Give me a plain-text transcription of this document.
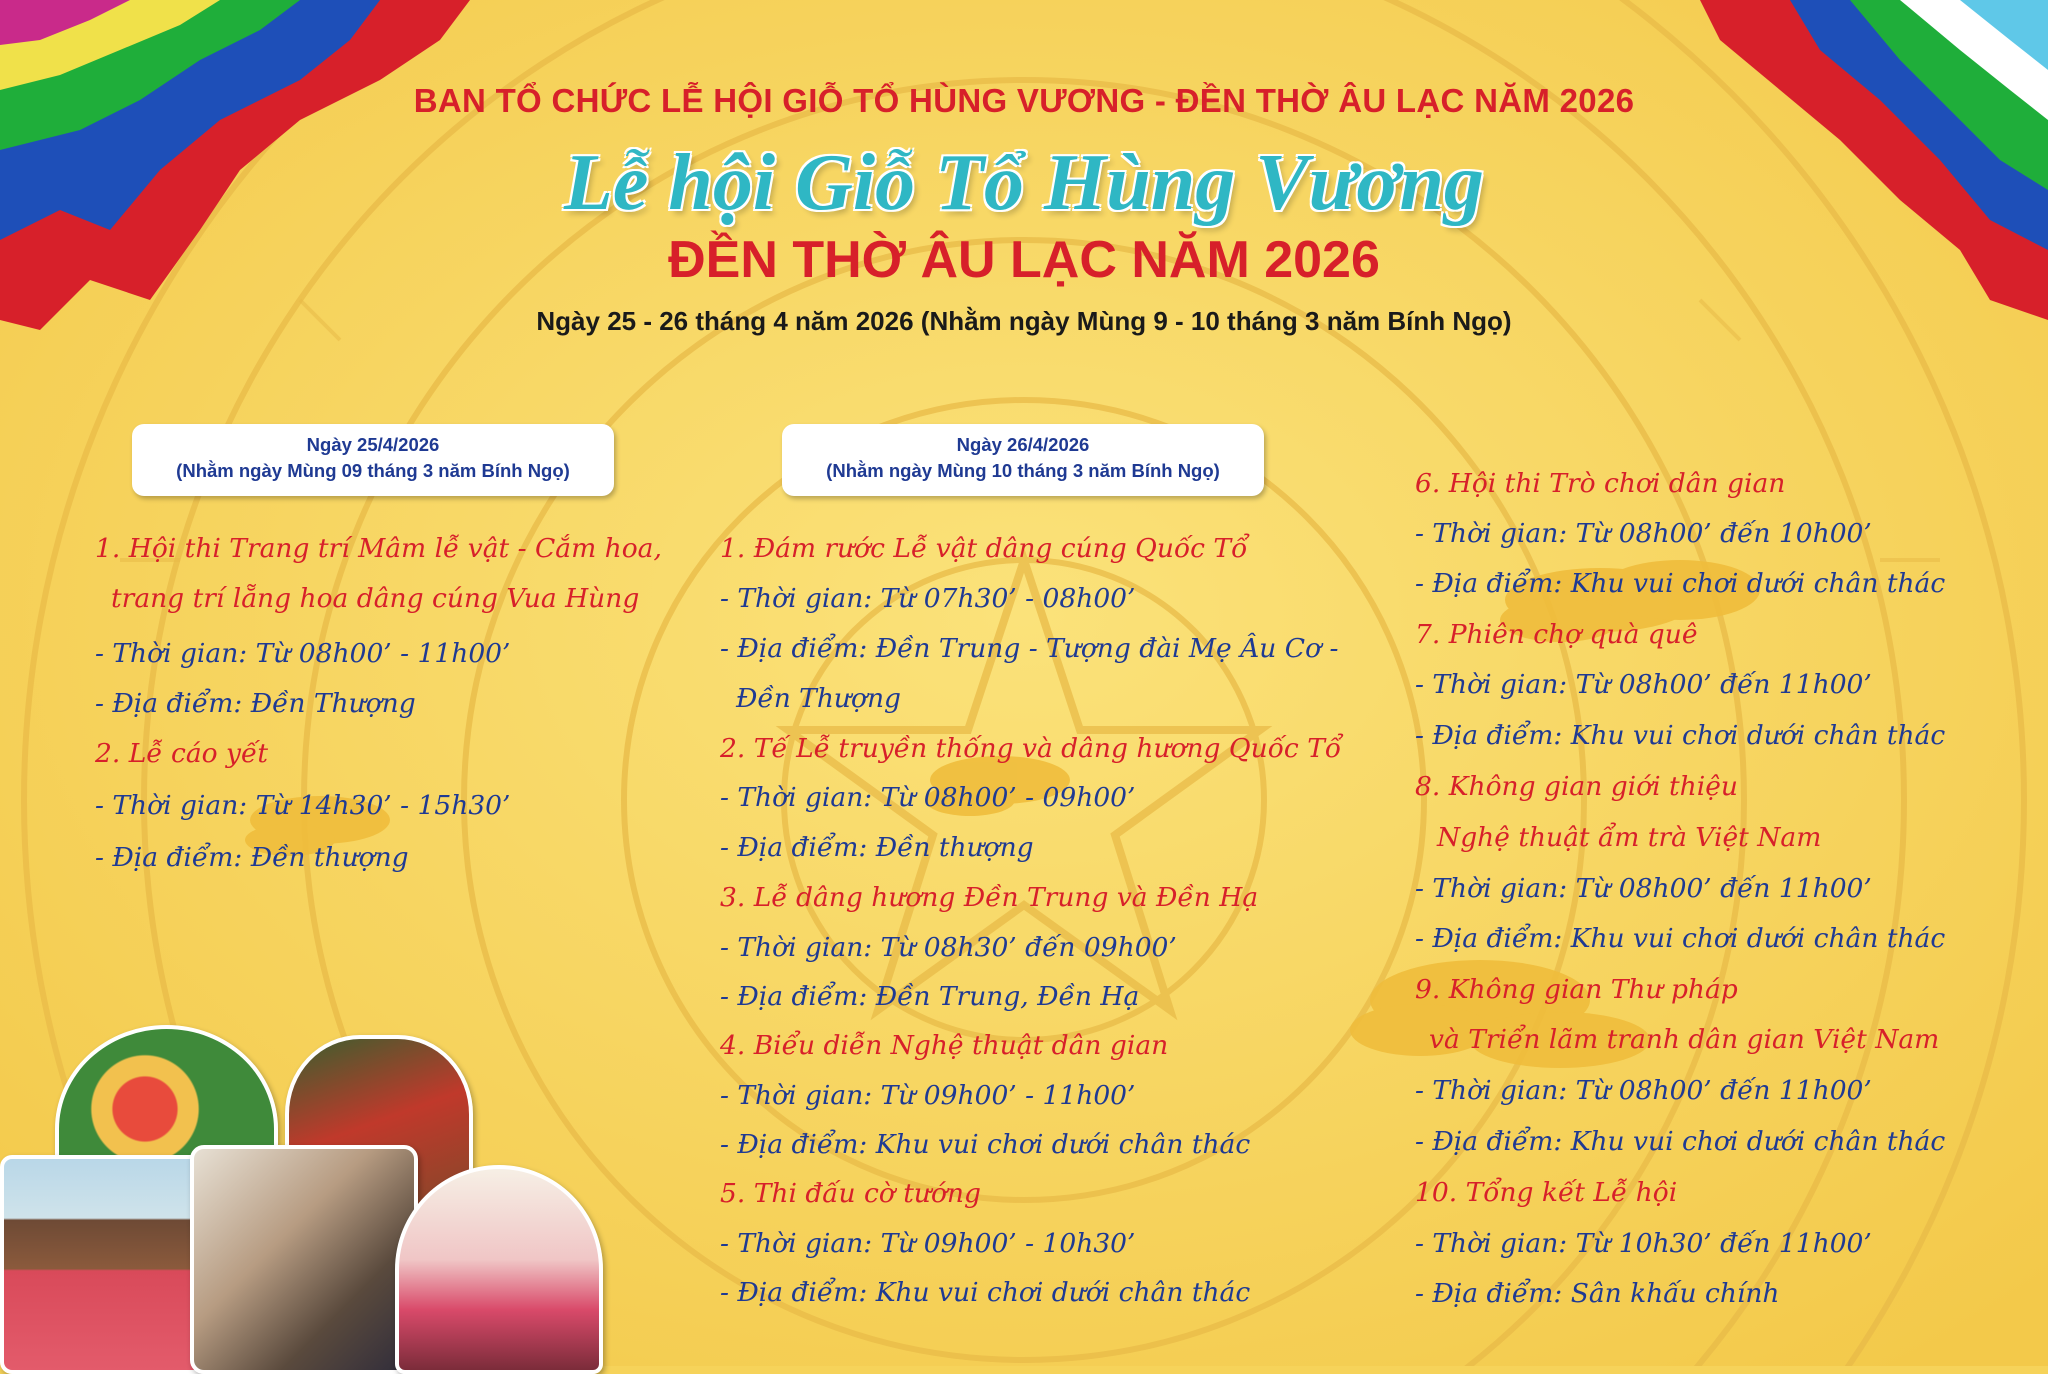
BAN TỔ CHỨC LỄ HỘI GIỖ TỔ HÙNG VƯƠNG - ĐỀN THỜ ÂU LẠC NĂM 2026
Lễ hội Giỗ Tổ Hùng Vương
ĐỀN THỜ ÂU LẠC NĂM 2026
Ngày 25 - 26 tháng 4 năm 2026 (Nhằm ngày Mùng 9 - 10 tháng 3 năm Bính Ngọ)
Ngày 25/4/2026
(Nhằm ngày Mùng 09 tháng 3 năm Bính Ngọ)
Ngày 26/4/2026
(Nhằm ngày Mùng 10 tháng 3 năm Bính Ngọ)
1. Hội thi Trang trí Mâm lễ vật - Cắm hoa,
trang trí lẵng hoa dâng cúng Vua Hùng
- Thời gian: Từ 08h00’ - 11h00’
- Địa điểm: Đền Thượng
2. Lễ cáo yết
- Thời gian: Từ 14h30’ - 15h30’
- Địa điểm: Đền thượng
1. Đám rước Lễ vật dâng cúng Quốc Tổ
- Thời gian: Từ 07h30’ - 08h00’
- Địa điểm: Đền Trung - Tượng đài Mẹ Âu Cơ -
Đền Thượng
2. Tế Lễ truyền thống và dâng hương Quốc Tổ
- Thời gian: Từ 08h00’ - 09h00’
- Địa điểm: Đền thượng
3. Lễ dâng hương Đền Trung và Đền Hạ
- Thời gian: Từ 08h30’ đến 09h00’
- Địa điểm: Đền Trung, Đền Hạ
4. Biểu diễn Nghệ thuật dân gian
- Thời gian: Từ 09h00’ - 11h00’
- Địa điểm: Khu vui chơi dưới chân thác
5. Thi đấu cờ tướng
- Thời gian: Từ 09h00’ - 10h30’
- Địa điểm: Khu vui chơi dưới chân thác
6. Hội thi Trò chơi dân gian
- Thời gian: Từ 08h00’ đến 10h00’
- Địa điểm: Khu vui chơi dưới chân thác
7. Phiên chợ quà quê
- Thời gian: Từ 08h00’ đến 11h00’
- Địa điểm: Khu vui chơi dưới chân thác
8. Không gian giới thiệu
Nghệ thuật ẩm trà Việt Nam
- Thời gian: Từ 08h00’ đến 11h00’
- Địa điểm: Khu vui chơi dưới chân thác
9. Không gian Thư pháp
và Triển lãm tranh dân gian Việt Nam
- Thời gian: Từ 08h00’ đến 11h00’
- Địa điểm: Khu vui chơi dưới chân thác
10. Tổng kết Lễ hội
- Thời gian: Từ 10h30’ đến 11h00’
- Địa điểm: Sân khấu chính
